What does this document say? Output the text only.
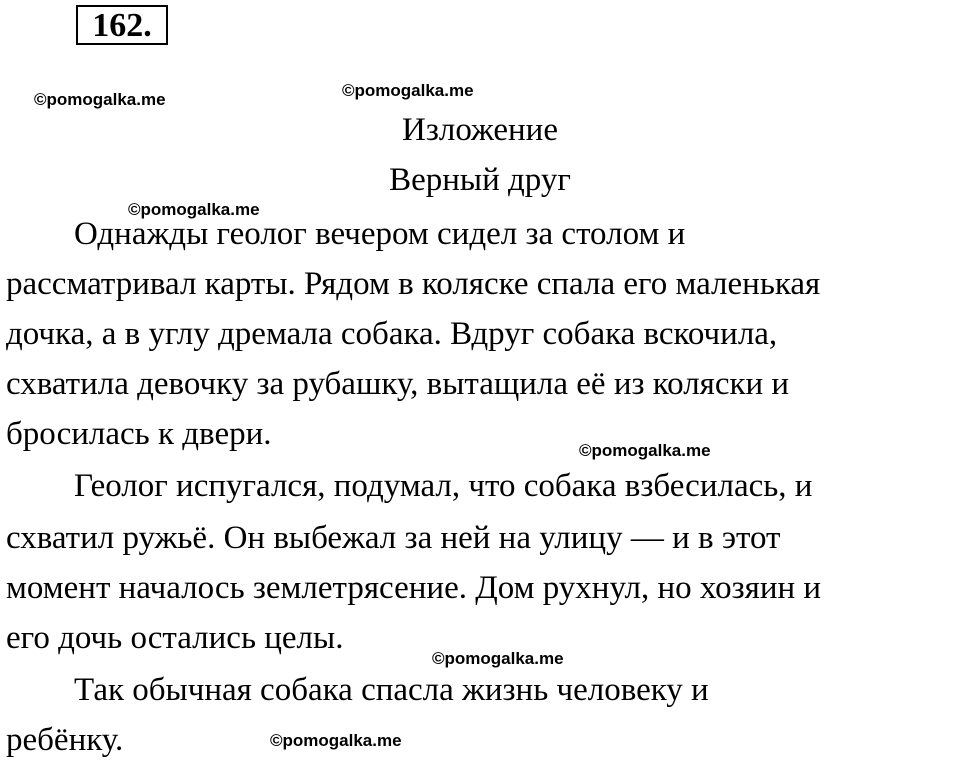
162.
©pomogalka.me	©pomogalka.me
©pomogalka.me
©pomogalka.me
©pomogalka.me
©pomogalka.me
Изложение
Верный друг
Однажды геолог вечером сидел за столом и
рассматривал карты. Рядом в коляске спала его маленькая
дочка, а в углу дремала собака. Вдруг собака вскочила,
схватила девочку за рубашку, вытащила её из коляски и
бросилась к двери.
Геолог испугался, подумал, что собака взбесилась, и
схватил ружьё. Он выбежал за ней на улицу — и в этот
момент началось землетрясение. Дом рухнул, но хозяин и
его дочь остались целы.
Так обычная собака спасла жизнь человеку и
ребёнку.
